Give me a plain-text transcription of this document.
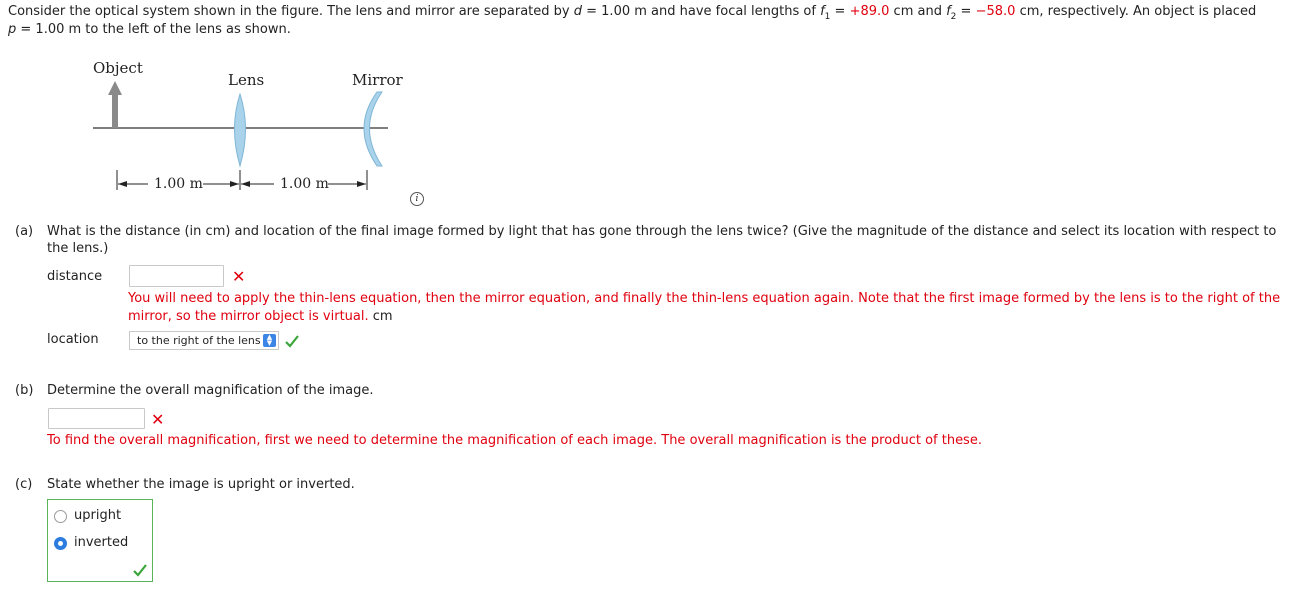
Consider the optical system shown in the figure. The lens and mirror are separated by d = 1.00 m and have focal lengths of $f_1 = +89.0$ cm and $f_2 = -58.0$ cm, respectively. An object is placed
p = 1.00 m to the left of the lens as shown.
Object
Lens	Mirror
1.00 m	1.00 m
i
(a) What is the distance (in cm) and location of the final image formed by light that has gone through the lens twice? (Give the magnitude of the distance and select its location with respect to
the lens.)
distance	✕
You will need to apply the thin-lens equation, then the mirror equation, and finally the thin-lens equation again. Note that the first image formed by the lens is to the right of the
mirror, so the mirror object is virtual. cm
location	to the right of the lens ▲
▼
(b) Determine the overall magnification of the image.
✕
To find the overall magnification, first we need to determine the magnification of each image. The overall magnification is the product of these.
(c) State whether the image is upright or inverted.
upright
inverted
